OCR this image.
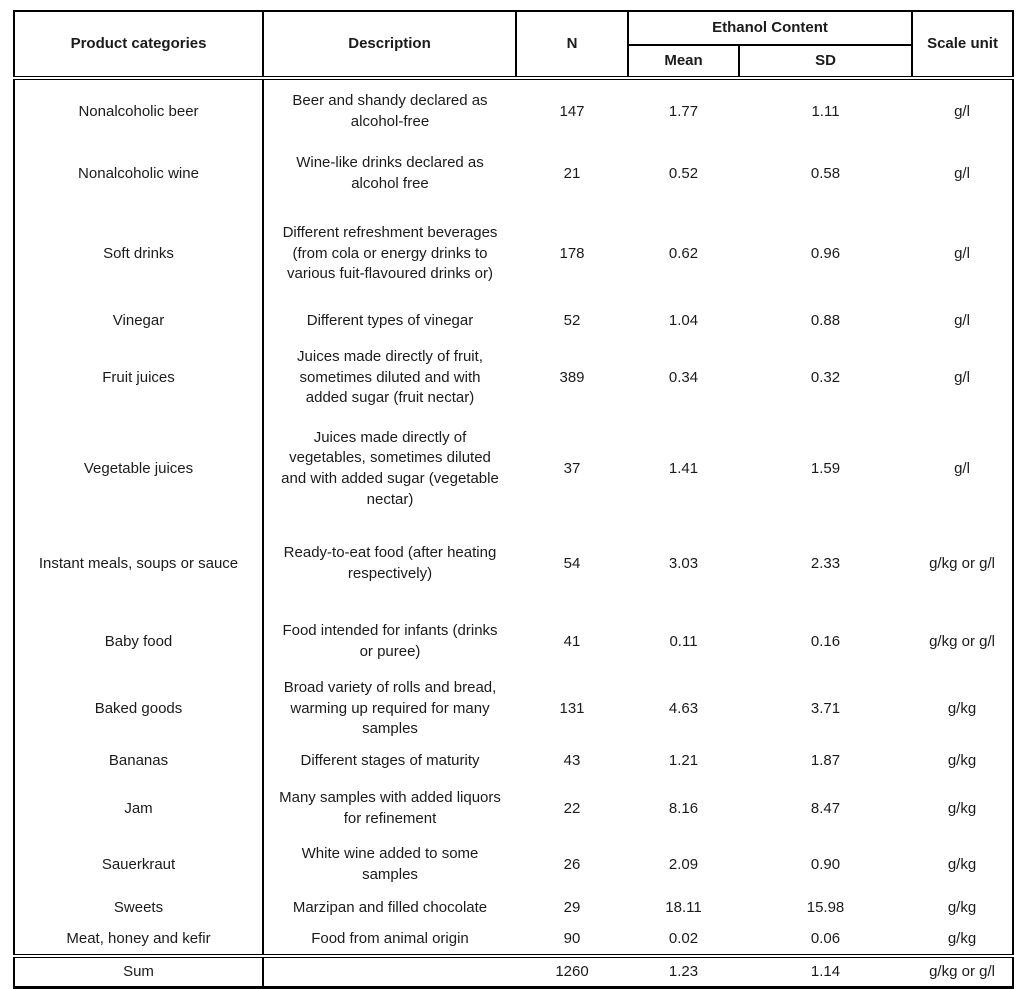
Product categories	Description	N	Ethanol Content		Scale unit
			Mean	SD	
Nonalcoholic beer	Beer and shandy declared as alcohol-free	147	1.77	1.11	g/l
Nonalcoholic wine	Wine-like drinks declared as alcohol free	21	0.52	0.58	g/l
Soft drinks	Different refreshment beverages (from cola or energy drinks to various fuit-flavoured drinks or)	178	0.62	0.96	g/l
Vinegar	Different types of vinegar	52	1.04	0.88	g/l
Fruit juices	Juices made directly of fruit, sometimes diluted and with added sugar (fruit nectar)	389	0.34	0.32	g/l
Vegetable juices	Juices made directly of vegetables, sometimes diluted and with added sugar (vegetable nectar)	37	1.41	1.59	g/l
Instant meals, soups or sauce	Ready-to-eat food (after heating respectively)	54	3.03	2.33	g/kg or g/l
Baby food	Food intended for infants (drinks or puree)	41	0.11	0.16	g/kg or g/l
Baked goods	Broad variety of rolls and bread, warming up required for many samples	131	4.63	3.71	g/kg
Bananas	Different stages of maturity	43	1.21	1.87	g/kg
Jam	Many samples with added liquors for refinement	22	8.16	8.47	g/kg
Sauerkraut	White wine added to some samples	26	2.09	0.90	g/kg
Sweets	Marzipan and filled chocolate	29	18.11	15.98	g/kg
Meat, honey and kefir	Food from animal origin	90	0.02	0.06	g/kg
Sum		1260	1.23	1.14	g/kg or g/l
